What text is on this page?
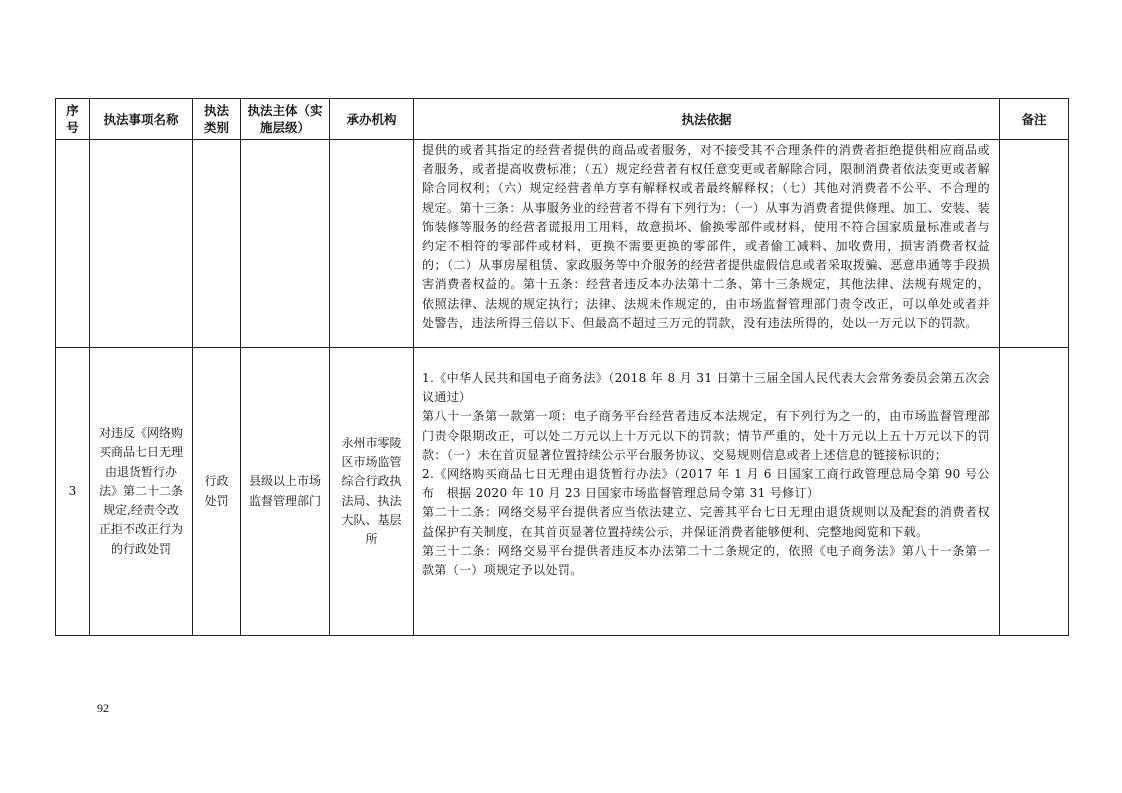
序号	执法事项名称	执法类别	执法主体（实施层级）	承办机构	执法依据	备注

					提供的或者其指定的经营者提供的商品或者服务，对不接受其不合理条件的消费者拒绝提供相应商品或者服务，或者提高收费标准；（五）规定经营者有权任意变更或者解除合同，限制消费者依法变更或者解除合同权利；（六）规定经营者单方享有解释权或者最终解释权；（七）其他对消费者不公平、不合理的规定。第十三条：从事服务业的经营者不得有下列行为：（一）从事为消费者提供修理、加工、安装、装饰装修等服务的经营者谎报用工用料，故意损坏、偷换零部件或材料，使用不符合国家质量标准或者与约定不相符的零部件或材料，更换不需要更换的零部件，或者偷工减料、加收费用，损害消费者权益的；（二）从事房屋租赁、家政服务等中介服务的经营者提供虚假信息或者采取拨骗、恶意串通等手段损害消费者权益的。第十五条：经营者违反本办法第十二条、第十三条规定，其他法律、法规有规定的，依照法律、法规的规定执行；法律、法规未作规定的，由市场监督管理部门责令改正，可以单处或者并处警告，违法所得三倍以下、但最高不超过三万元的罚款，没有违法所得的，处以一万元以下的罚款。	

3	对违反《网络购买商品七日无理由退货暂行办法》第二十二条规定,经责令改正拒不改正行为的行政处罚	行政处罚	县级以上市场监督管理部门	永州市零陵区市场监管综合行政执法局、执法大队、基层所	1.《中华人民共和国电子商务法》（2018 年 8 月 31 日第十三届全国人民代表大会常务委员会第五次会议通过）
第八十一条第一款第一项：电子商务平台经营者违反本法规定，有下列行为之一的，由市场监督管理部门责令限期改正，可以处二万元以上十万元以下的罚款；情节严重的，处十万元以上五十万元以下的罚款：（一）未在首页显著位置持续公示平台服务协议、交易规则信息或者上述信息的链接标识的；
2.《网络购买商品七日无理由退货暂行办法》（2017 年 1 月 6 日国家工商行政管理总局令第 90 号公布　根据 2020 年 10 月 23 日国家市场监督管理总局令第 31 号修订）
第二十二条：网络交易平台提供者应当依法建立、完善其平台七日无理由退货规则以及配套的消费者权益保护有关制度，在其首页显著位置持续公示，并保证消费者能够便利、完整地阅览和下载。
第三十二条：网络交易平台提供者违反本办法第二十二条规定的，依照《电子商务法》第八十一条第一款第（一）项规定予以处罚。	

92
